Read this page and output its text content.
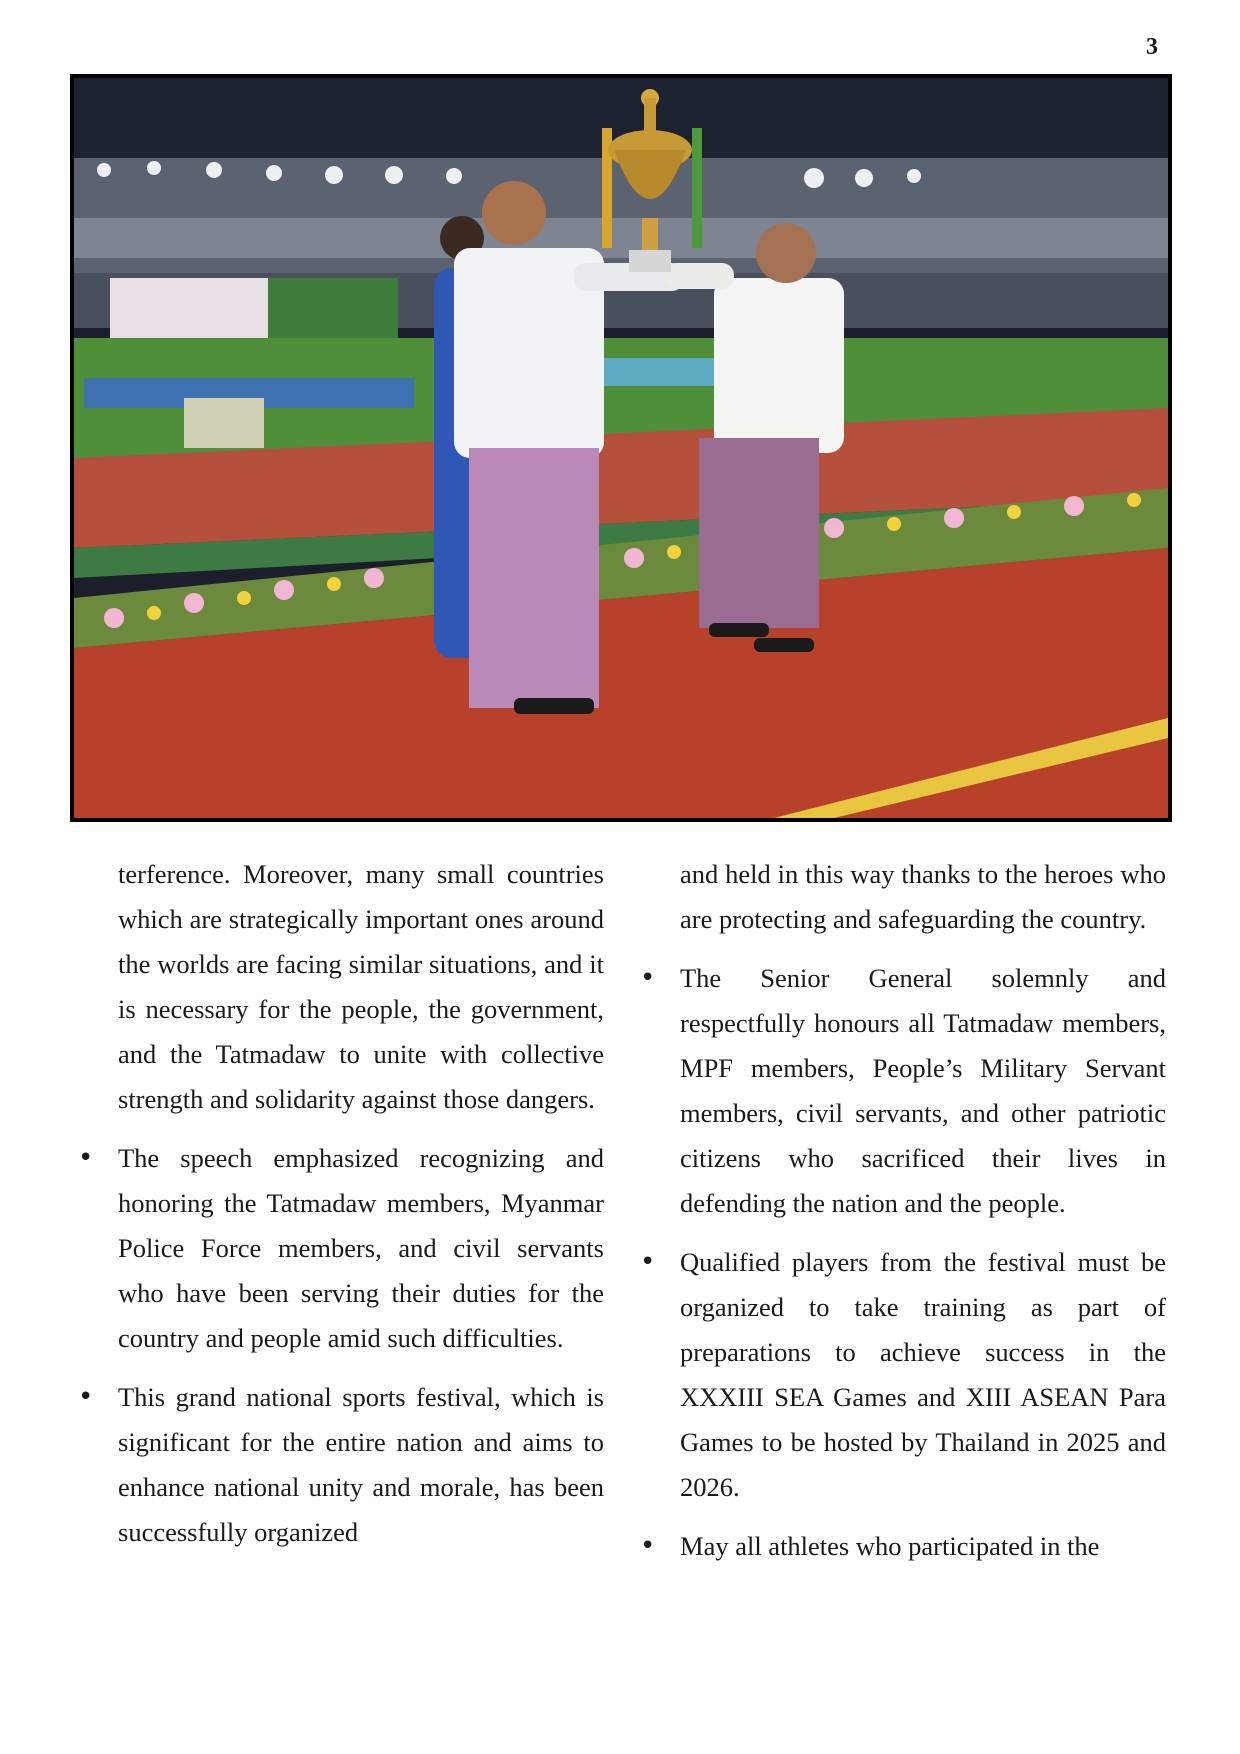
3

terference. Moreover, many small countries which are strategically important ones around the worlds are facing similar situations, and it is necessary for the people, the government, and the Tatmadaw to unite with collective strength and solidarity against those dangers.

• The speech emphasized recognizing and honoring the Tatmadaw members, Myanmar Police Force members, and civil servants who have been serving their duties for the country and people amid such difficulties.

• This grand national sports festival, which is significant for the entire nation and aims to enhance national unity and morale, has been successfully organized

and held in this way thanks to the heroes who are protecting and safeguarding the country.

• The Senior General solemnly and respectfully honours all Tatmadaw members, MPF members, People’s Military Servant members, civil servants, and other patriotic citizens who sacrificed their lives in defending the nation and the people.

• Qualified players from the festival must be organized to take training as part of preparations to achieve success in the XXXIII SEA Games and XIII ASEAN Para Games to be hosted by Thailand in 2025 and 2026.

• May all athletes who participated in the
